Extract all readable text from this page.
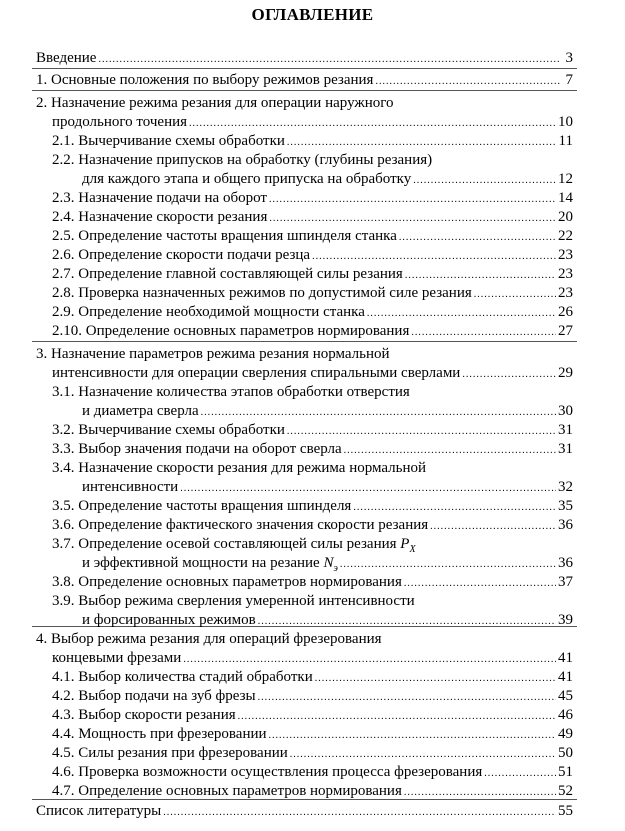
ОГЛАВЛЕНИЕ
Введение .....	3
1. Основные положения по выбору режимов резания .....	7
2. Назначение режима резания для операции наружного
продольного точения .....	10
2.1. Вычерчивание схемы обработки .....	11
2.2. Назначение припусков на обработку (глубины резания)
для каждого этапа и общего припуска на обработку .....	12
2.3. Назначение подачи на оборот .....	14
2.4. Назначение скорости резания .....	20
2.5. Определение частоты вращения шпинделя станка .....	22
2.6. Определение скорости подачи резца .....	23
2.7. Определение главной составляющей силы резания .....	23
2.8. Проверка назначенных режимов по допустимой силе резания .....	23
2.9. Определение необходимой мощности станка .....	26
2.10. Определение основных параметров нормирования .....	27
3. Назначение параметров режима резания нормальной
интенсивности для операции сверления спиральными сверлами .....	29
3.1. Назначение количества этапов обработки отверстия
и диаметра сверла .....	30
3.2. Вычерчивание схемы обработки .....	31
3.3. Выбор значения подачи на оборот сверла .....	31
3.4. Назначение скорости резания для режима нормальной
интенсивности .....	32
3.5. Определение частоты вращения шпинделя .....	35
3.6. Определение фактического значения скорости резания .....	36
3.7. Определение осевой составляющей силы резания $P_X$
и эффективной мощности на резание $N_э$ .....	36
3.8. Определение основных параметров нормирования .....	37
3.9. Выбор режима сверления умеренной интенсивности
и форсированных режимов .....	39
4. Выбор режима резания для операций фрезерования
концевыми фрезами .....	41
4.1. Выбор количества стадий обработки .....	41
4.2. Выбор подачи на зуб фрезы .....	45
4.3. Выбор скорости резания .....	46
4.4. Мощность при фрезеровании .....	49
4.5. Силы резания при фрезеровании .....	50
4.6. Проверка возможности осуществления процесса фрезерования .....	51
4.7. Определение основных параметров нормирования .....	52
Список литературы .....	55
